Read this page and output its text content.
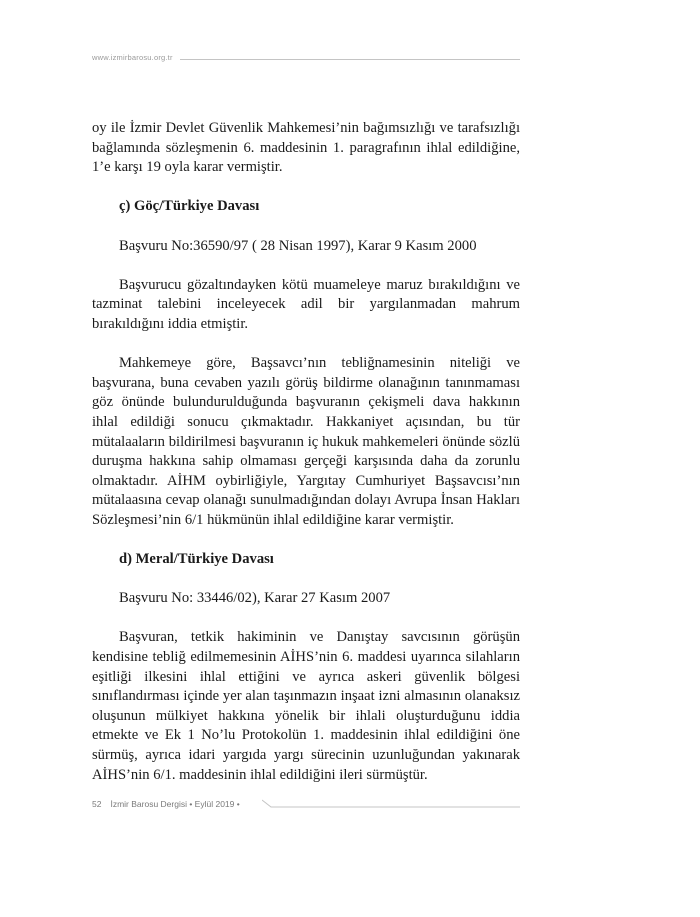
www.izmirbarosu.org.tr

oy ile İzmir Devlet Güvenlik Mahkemesi’nin bağımsızlığı ve tarafsızlığı bağlamında sözleşmenin 6. maddesinin 1. paragrafının ihlal edildiğine, 1’e karşı 19 oyla karar vermiştir.

ç) Göç/Türkiye Davası

Başvuru No:36590/97 ( 28 Nisan 1997), Karar 9 Kasım 2000

Başvurucu gözaltındayken kötü muameleye maruz bırakıldığını ve tazminat talebini inceleyecek adil bir yargılanmadan mahrum bırakıldığını iddia etmiştir.

Mahkemeye göre, Başsavcı’nın tebliğnamesinin niteliği ve başvurana, buna cevaben yazılı görüş bildirme olanağının tanınmaması göz önünde bulundurulduğunda başvuranın çekişmeli dava hakkının ihlal edildiği sonucu çıkmaktadır. Hakkaniyet açısından, bu tür mütalaaların bildirilmesi başvuranın iç hukuk mahkemeleri önünde sözlü duruşma hakkına sahip olmaması gerçeği karşısında daha da zorunlu olmaktadır. AİHM oybirliğiyle, Yargıtay Cumhuriyet Başsavcısı’nın mütalaasına cevap olanağı sunulmadığından dolayı Avrupa İnsan Hakları Sözleşmesi’nin 6/1 hükmünün ihlal edildiğine karar vermiştir.

d) Meral/Türkiye Davası

Başvuru No: 33446/02), Karar 27 Kasım 2007

Başvuran, tetkik hakiminin ve Danıştay savcısının görüşün kendisine tebliğ edilmemesinin AİHS’nin 6. maddesi uyarınca silahların eşitliği ilkesini ihlal ettiğini ve ayrıca askeri güvenlik bölgesi sınıflandırması içinde yer alan taşınmazın inşaat izni almasının olanaksız oluşunun mülkiyet hakkına yönelik bir ihlali oluşturduğunu iddia etmekte ve Ek 1 No’lu Protokolün 1. maddesinin ihlal edildiğini öne sürmüş, ayrıca idari yargıda yargı sürecinin uzunluğundan yakınarak AİHS’nin 6/1. maddesinin ihlal edildiğini ileri sürmüştür.

52 İzmir Barosu Dergisi • Eylül 2019 •
